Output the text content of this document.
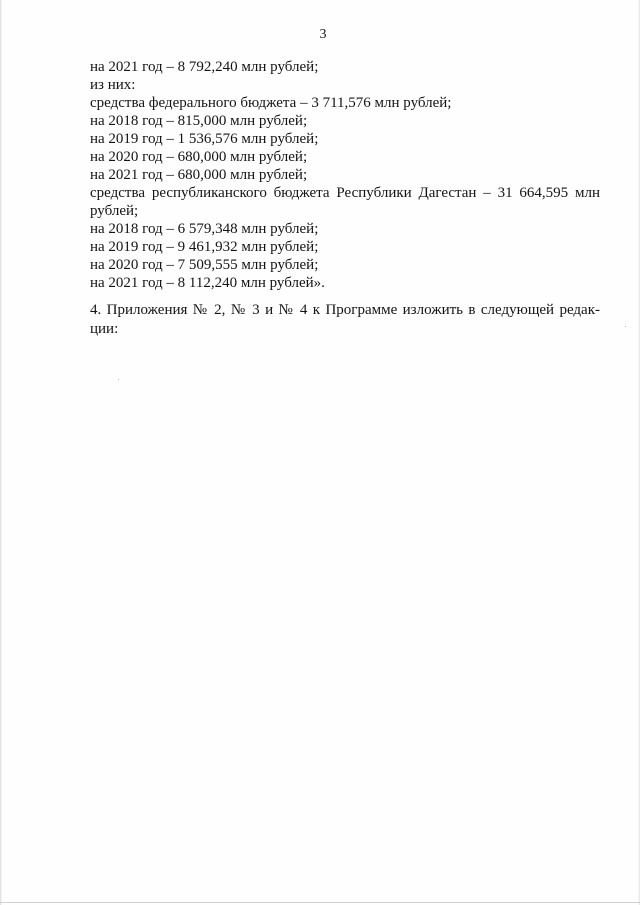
3
на 2021 год – 8 792,240 млн рублей;
из них:
средства федерального бюджета – 3 711,576 млн рублей;
на 2018 год – 815,000 млн рублей;
на 2019 год – 1 536,576 млн рублей;
на 2020 год – 680,000 млн рублей;
на 2021 год – 680,000 млн рублей;
средства республиканского бюджета Республики Дагестан – 31 664,595 млн
рублей;
на 2018 год – 6 579,348 млн рублей;
на 2019 год – 9 461,932 млн рублей;
на 2020 год – 7 509,555 млн рублей;
на 2021 год – 8 112,240 млн рублей».
4. Приложения № 2, № 3 и № 4 к Программе изложить в следующей редак-
ции:
